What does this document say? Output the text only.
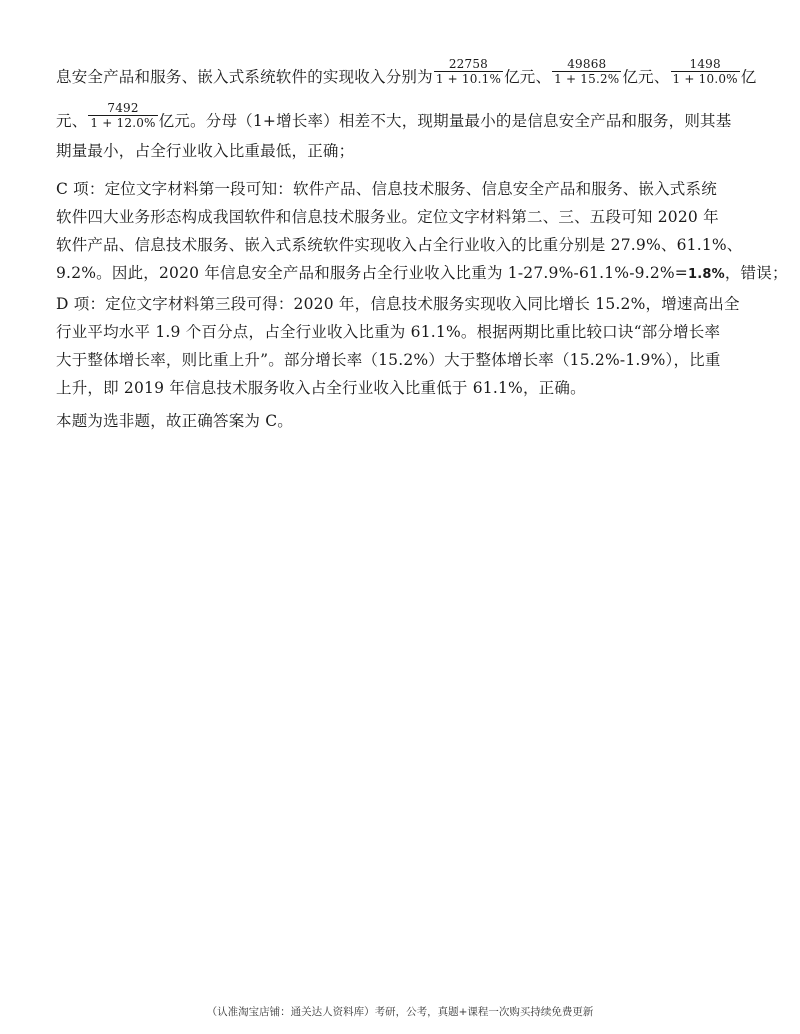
息安全产品和服务、嵌入式系统软件的实现收入分别为 $\frac{22758}{1 + 10.1\%}$ 亿元、 $\frac{49868}{1 + 15.2\%}$ 亿元、 $\frac{1498}{1 + 10.0\%}$ 亿
元、 $\frac{7492}{1 + 12.0\%}$ 亿元。分母（1+增长率）相差不大，现期量最小的是信息安全产品和服务，则其基
期量最小，占全行业收入比重最低，正确；
C 项：定位文字材料第一段可知：软件产品、信息技术服务、信息安全产品和服务、嵌入式系统
软件四大业务形态构成我国软件和信息技术服务业。定位文字材料第二、三、五段可知 2020 年
软件产品、信息技术服务、嵌入式系统软件实现收入占全行业收入的比重分别是 27.9%、61.1%、
9.2%。因此，2020 年信息安全产品和服务占全行业收入比重为 1-27.9%-61.1%-9.2%=1.8%，错误；
D 项：定位文字材料第三段可得：2020 年，信息技术服务实现收入同比增长 15.2%，增速高出全
行业平均水平 1.9 个百分点，占全行业收入比重为 61.1%。根据两期比重比较口诀“部分增长率
大于整体增长率，则比重上升”。部分增长率（15.2%）大于整体增长率（15.2%-1.9%），比重
上升，即 2019 年信息技术服务收入占全行业收入比重低于 61.1%，正确。
本题为选非题，故正确答案为 C。
（认准淘宝店铺：通关达人资料库）考研，公考，真题+课程一次购买持续免费更新
